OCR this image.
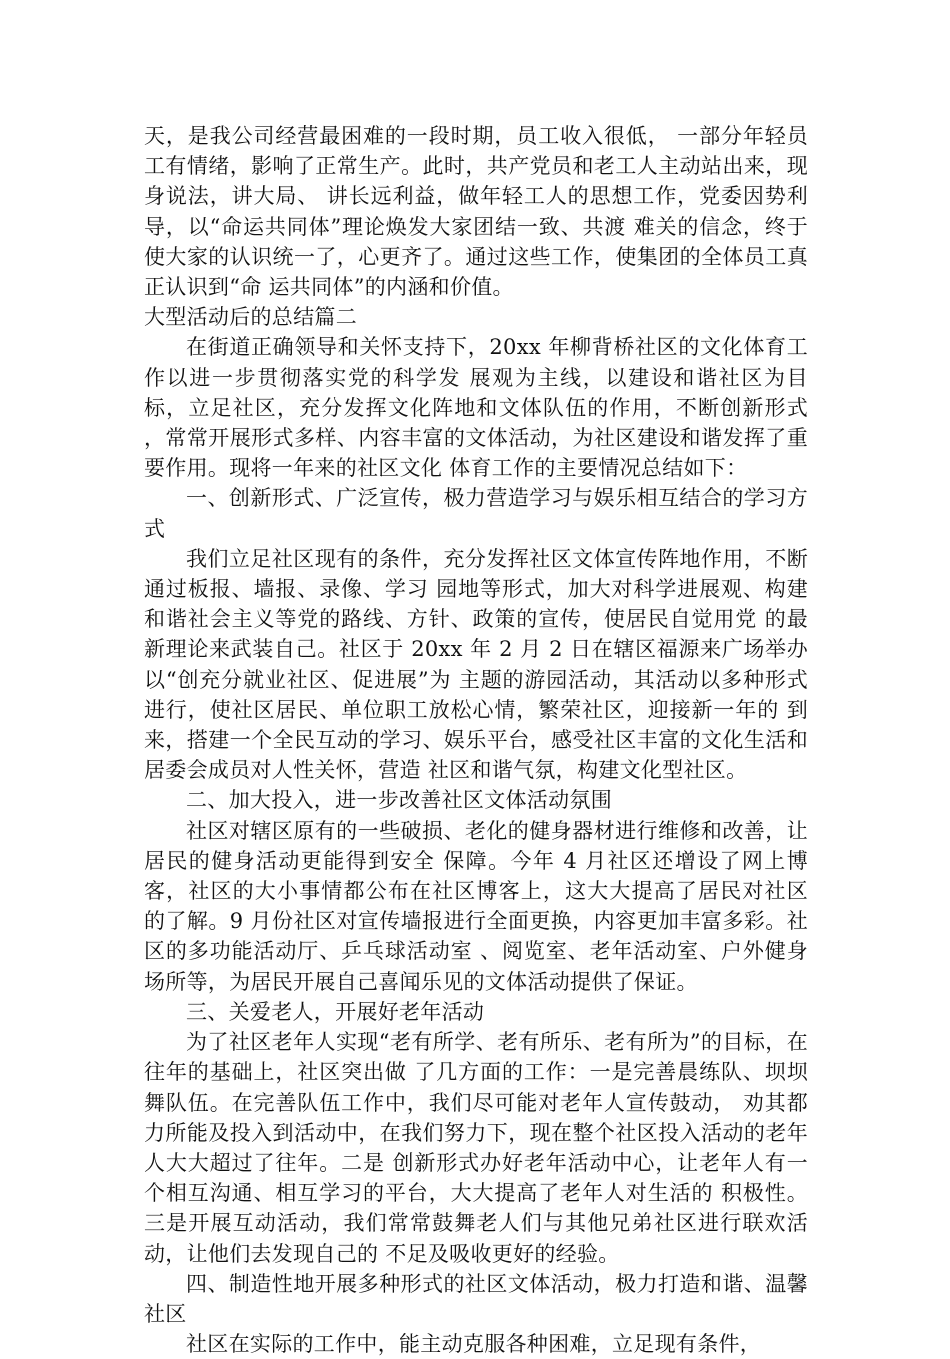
天，是我公司经营最困难的一段时期，员工收入很低， 一部分年轻员工有情绪，影响了正常生产。此时，共产党员和老工人主动站出来，现身说法，讲大局、 讲长远利益，做年轻工人的思想工作，党委因势利导，以“命运共同体”理论焕发大家团结一致、共渡 难关的信念，终于使大家的认识统一了，心更齐了。通过这些工作，使集团的全体员工真正认识到“命 运共同体”的内涵和价值。

大型活动后的总结篇二

在街道正确领导和关怀支持下，20xx 年柳背桥社区的文化体育工作以进一步贯彻落实党的科学发 展观为主线，以建设和谐社区为目标，立足社区，充分发挥文化阵地和文体队伍的作用，不断创新形式 ，常常开展形式多样、内容丰富的文体活动，为社区建设和谐发挥了重要作用。现将一年来的社区文化 体育工作的主要情况总结如下：

一、创新形式、广泛宣传，极力营造学习与娱乐相互结合的学习方式

我们立足社区现有的条件，充分发挥社区文体宣传阵地作用，不断通过板报、墙报、录像、学习 园地等形式，加大对科学进展观、构建和谐社会主义等党的路线、方针、政策的宣传，使居民自觉用党 的最新理论来武装自己。社区于 20xx 年 2 月 2 日在辖区福源来广场举办以“创充分就业社区、促进展”为 主题的游园活动，其活动以多种形式进行，使社区居民、单位职工放松心情，繁荣社区，迎接新一年的 到来，搭建一个全民互动的学习、娱乐平台，感受社区丰富的文化生活和居委会成员对人性关怀，营造 社区和谐气氛，构建文化型社区。

二、加大投入，进一步改善社区文体活动氛围

社区对辖区原有的一些破损、老化的健身器材进行维修和改善，让居民的健身活动更能得到安全 保障。今年 4 月社区还增设了网上博客，社区的大小事情都公布在社区博客上，这大大提高了居民对社区 的了解。9 月份社区对宣传墙报进行全面更换，内容更加丰富多彩。社区的多功能活动厅、乒乓球活动室 、阅览室、老年活动室、户外健身场所等，为居民开展自己喜闻乐见的文体活动提供了保证。

三、关爱老人，开展好老年活动

为了社区老年人实现“老有所学、老有所乐、老有所为”的目标，在往年的基础上，社区突出做 了几方面的工作：一是完善晨练队、坝坝舞队伍。在完善队伍工作中，我们尽可能对老年人宣传鼓动， 劝其都力所能及投入到活动中，在我们努力下，现在整个社区投入活动的老年人大大超过了往年。二是 创新形式办好老年活动中心，让老年人有一个相互沟通、相互学习的平台，大大提高了老年人对生活的 积极性。三是开展互动活动，我们常常鼓舞老人们与其他兄弟社区进行联欢活动，让他们去发现自己的 不足及吸收更好的经验。

四、制造性地开展多种形式的社区文体活动，极力打造和谐、温馨社区

社区在实际的工作中，能主动克服各种困难，立足现有条件，
